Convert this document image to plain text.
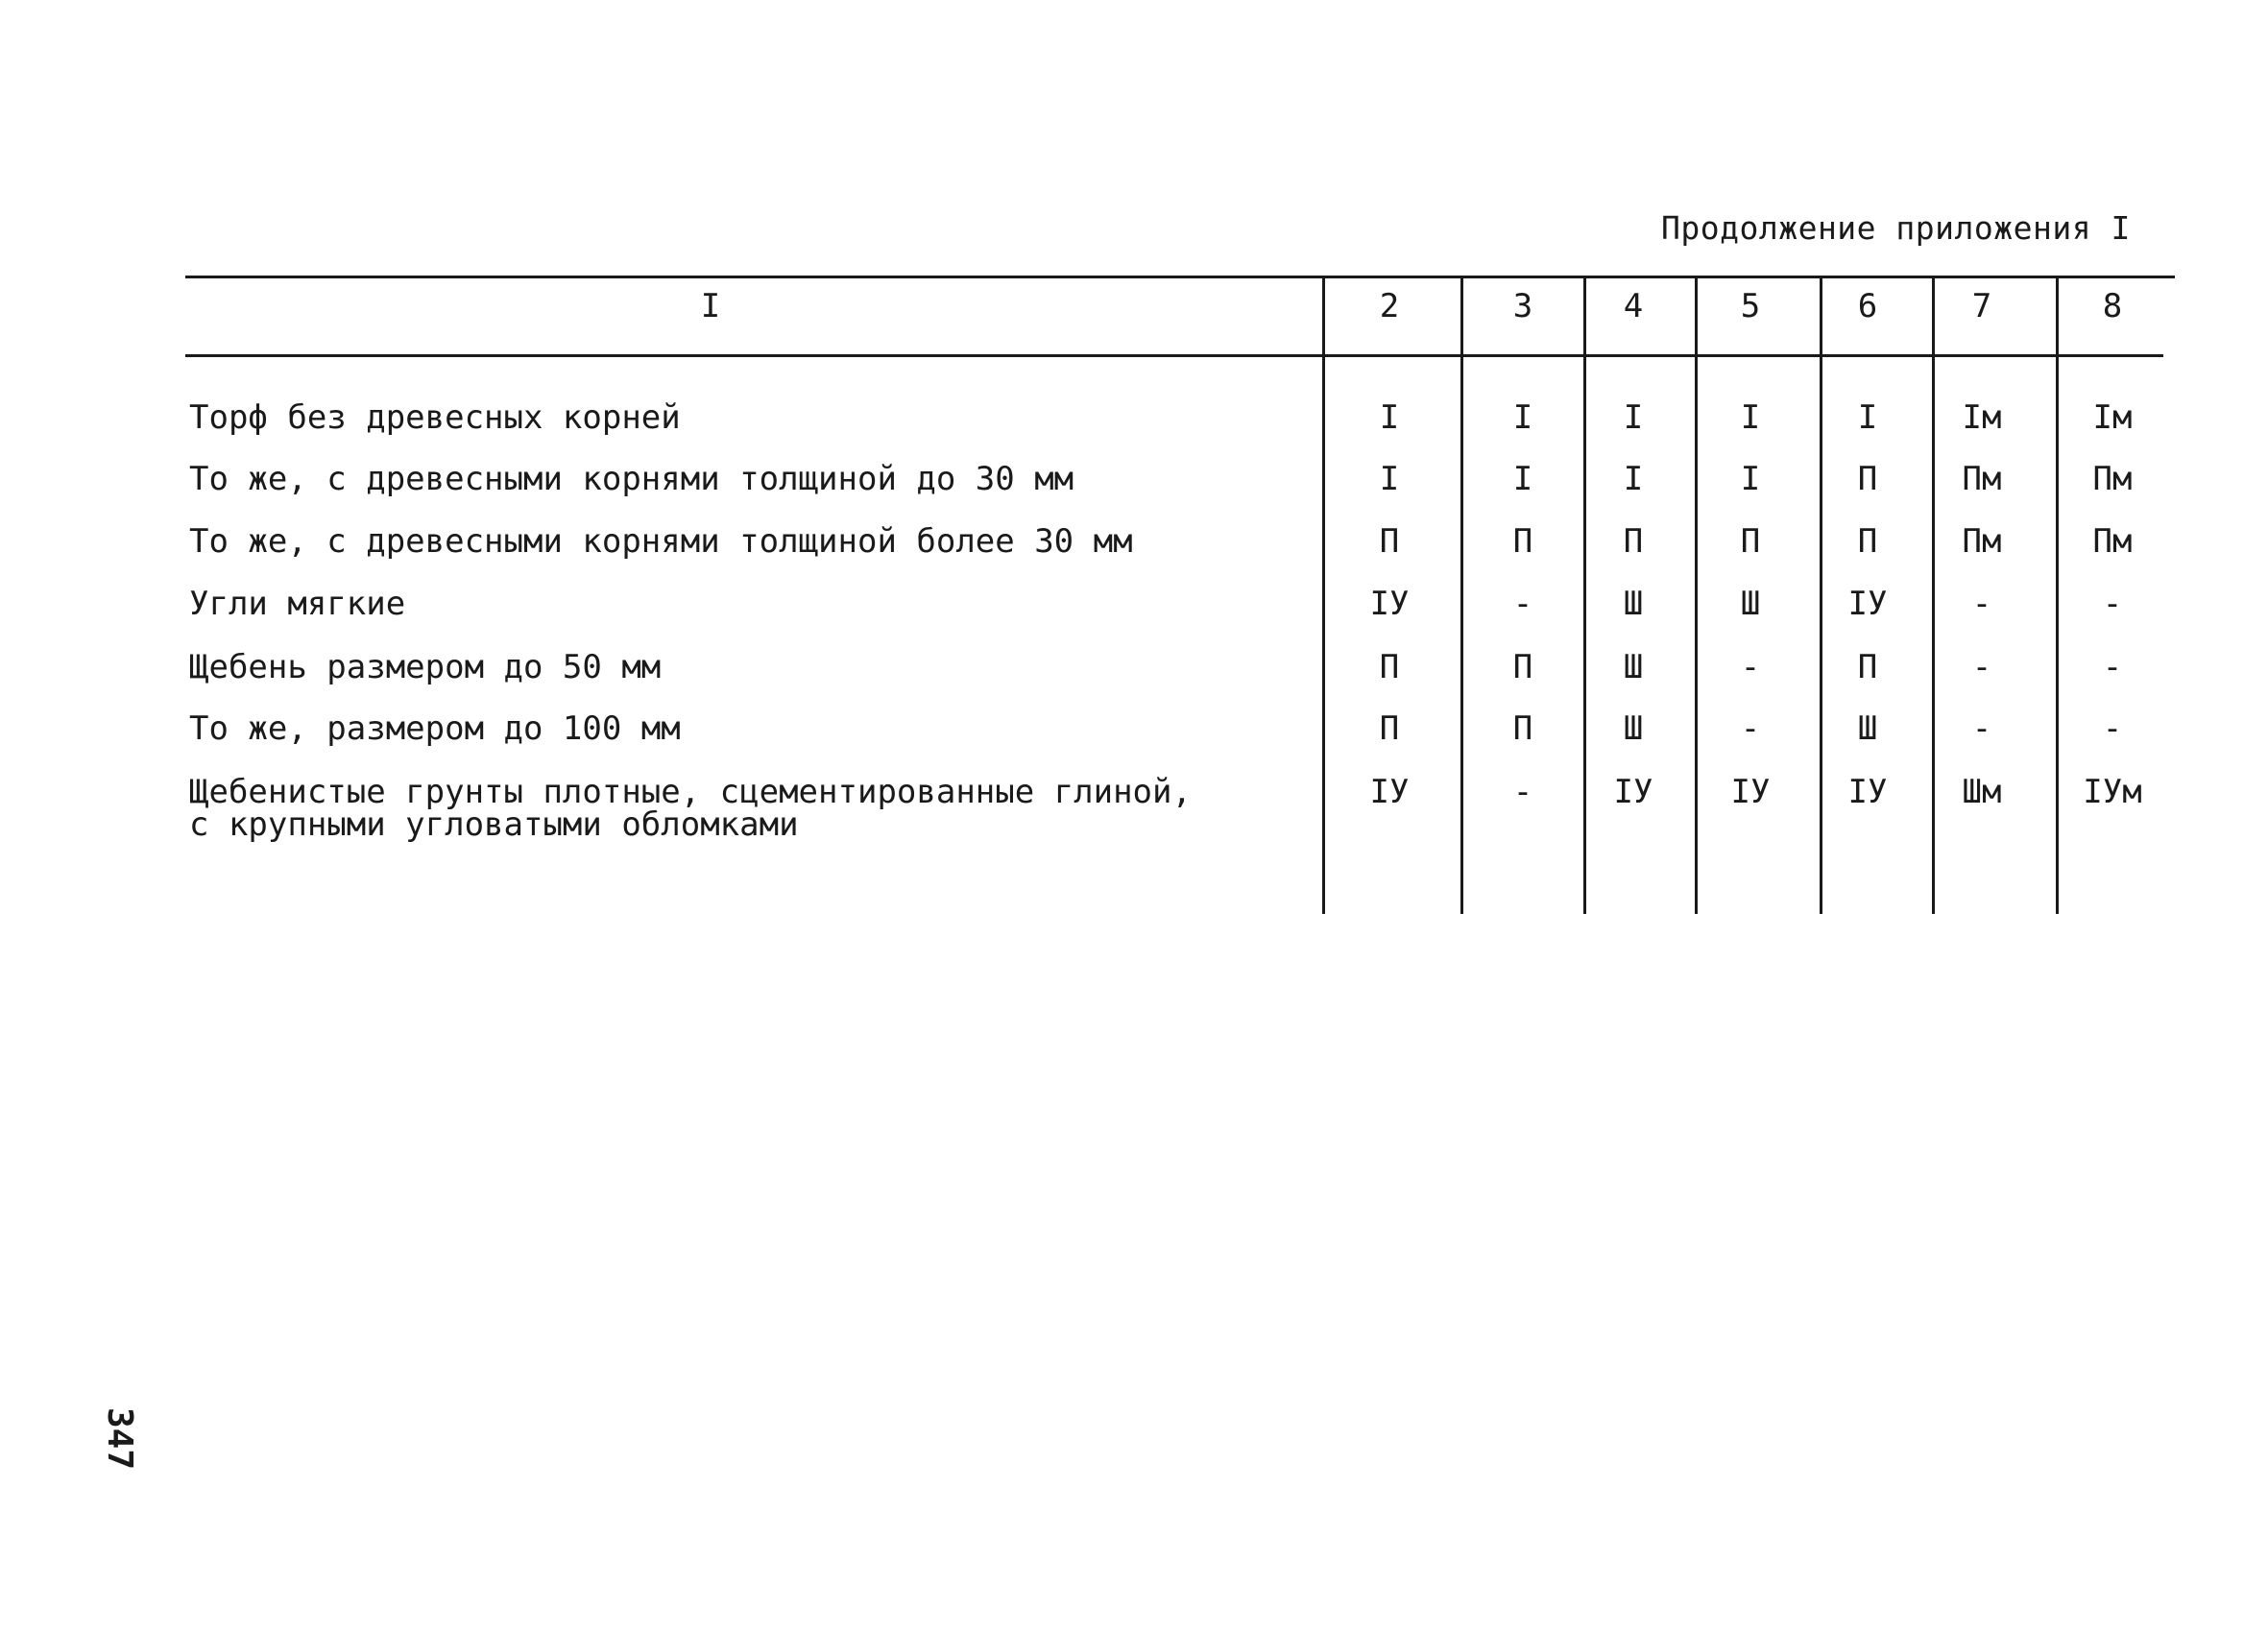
Продолжение приложения I
I	2	3	4	5	6	7	8
Торф без древесных корней	I	I	I	I	I	Iм	Iм
То же, с древесными корнями толщиной до 30 мм	I	I	I	I	П	Пм	Пм
То же, с древесными корнями толщиной более 30 мм	П	П	П	П	П	Пм	Пм
Угли мягкие	IУ	-	Ш	Ш	IУ	-	-
Щебень размером до 50 мм	П	П	Ш	-	П	-	-
То же, размером до 100 мм	П	П	Ш	-	Ш	-	-
Щебенистые грунты плотные, сцементированные глиной,
с крупными угловатыми обломками
IУ	-	IУ	IУ	IУ	Шм	IУм
347
